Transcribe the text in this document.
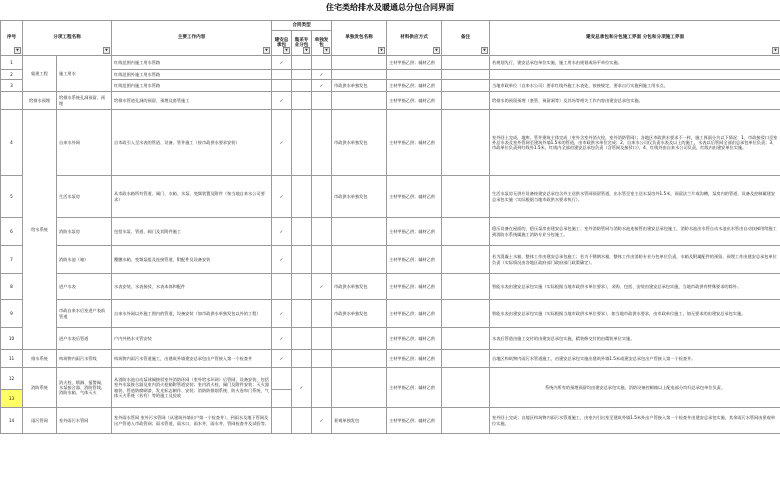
住宅类给排水及暖通总分包合同界面
序号 ▼	分项工程名称 ▼		主要工作内容 ▼	合同类型			单独发包名称 ▼	材料供应方式 ▼	备注 ▼	建安总承包和分包施工界面 分包和分项施工界面 ▼
				建安总承包 ▼	集采专业分包 ▼	单独发包 ▼
1	临建工程	施工用水	红线范围内施工用水管路	✓				主材甲指乙供；辅材乙供		若规划先行，建安总承包单位实施，施工用水由规划或场平单位实施。
2			红线范围外施工用水管路			✓				
3			红线范围内施工用水管路			✓	市政供水单独发包	主材甲指乙供；辅材乙供		当地市政单位（自来水公司）要求红线外施工水表处，按接规定，要求自行实施到施工用水点。
	给排水预埋	给排水系统孔洞预留、预埋	给排水管道孔洞的预留、预埋及套管施工	✓				主材甲指乙供；辅材乙供		给排水的预留预埋（套管、预留洞等）及其场等相关工作内容由建安总承包实施。
4	给水系统	自来水外网	自市政引入至水表的管道、设备、管井施工（按市政供水要求安装）	✓			市政供水单独发包	主材甲指乙供；辅材乙供		室外回土完成，地库、管井建筑主体完成（室外含室外消火栓，室外消防管网）；各地区市政供水要求不一样，施工界面分为以下情况：1、市政接驳口至室外总水表及室外管网至建筑外墙1.5米的管道，由市政供水单位完成；2、自来水公司仅负责水表及以上的施工，水表以后管网全部由总承包单位负责；3、市政单位负责到红线外1.5米，红线内全部由建安总承包负责（含管网及接驳口），4、红线外由自来水公司负责，红线内由建安单位实施。
5		生活水泵房	从市政水箱所有管道、阀门、水箱、水泵、变频装置及附件（按当地自来水公司要求）	✓			市政供水单独发包	主材甲指乙供；辅材乙供		生活水泵房无供应设备按建安总承包含外主送供水管网预留管道，出水管至室主送水泵房外1.5米，预留法兰片或沟槽，泵房内的管道、设备及控制属建安总承包实施（实际根据当地市政供水要求执行）。
6		消防水泵房	包括水泵、管道、阀门及其附件施工	✓				主材甲指乙供；辅材乙供		稳压设备在屋面的，稳压泵房由建安总承包施工；室外消防管网与消防水池连接管由建安总承包施工，消防水池出水管自动水池出水管由自动扶梯用给施工到消防水系统属施工消防专业分包施工。
7		消防水池（箱）	覆膜水箱、变频泵组及连接管道、附配件及设备安装	✓				主材甲指乙供；辅材乙供		若为混凝土水箱，整体工作由建安总承包施工；若为不锈钢水箱，整体工作由消防专业分包单位负责，水箱及附属配件的预留、预埋工作由建安总承包单位负责（实际情况由各地区政府部门政府部门政策确定）。
8		进户水表	水表安装、水表接驳、水表本体和配件			✓	市政供水单独发包	主材甲指乙供；辅材乙供		智能水表由建安总承包实施（实际根据当地市政供水单位要求），采购、包括、安装由建安总承包实施，当地市政供有特殊要求的除外。
9		市政自来水后室进户表前管道	自来水外网以外施工图内的管道，设备安装（如市政供水单独发包以外的工程）	✓			市政供水单独发包	主材甲指乙供；辅材乙供		智能水表由建安总承包实施（实际根据当地市政供水单位要求），如当地市政供水要求，由市政单位施工，如无要求的由建安总承包实施。
10		进户水表后管道	户内外热水支管安装	✓				主材甲指乙供；辅材乙供		水表后管道由施工交付的由建安总承包实施，精装修交付的由精装单位实施。
11	排水系统	构筑物内雨污水管线	构筑物内雨污水管道施工，出建筑外墙建安总承包出户管接入第一个检查井	✓				主材甲指乙供；辅材乙供		自地区构筑物内雨污水管道施工，由建安总承包实施出建筑外墙1.5米或建安总承包出户管接入第一个检查井。
12	消防系统	消火栓、喷淋、报警阀、水泵接合器、消防管线、消防水箱、气体灭火	从消防水池自动泵球阀接驳室外消防环网（室外给水环网）后管网、设备安装、包括室外水泵接合器及室内消火栓箱附管道安装；室内消火栓、阀门及附件安装；灭火器箱装、管道防腐刷漆、发光标志制作、安装；消防防排烟系统、防火卷帘门系统、气体灭火系统（若有）等的施工及验收		✓			主材甲指乙供；辅材乙供		系统内所有的预埋预留均由建安总承包实施，消防设备控制箱以上配电部分均归总承包单位负责。
13										
14	雨污管网	室外雨污水管网	室外雨水管网 室外污水管网（从建筑外墙出户第一个检查井），到雨水及地下管网及出户管道入市政管网；雨水管道，雨水口，雨水井，雨水井、管网检查井及试验等。			✓	景观单独发包	主材甲指乙供；辅材乙供		室外回土完成；自地区构筑物内雨污水管道施工，由室内引出室至建筑外墙1.5米外出户管接入第一个检查井由建安总承包实施。其余雨污水管网由景观单位实施。
